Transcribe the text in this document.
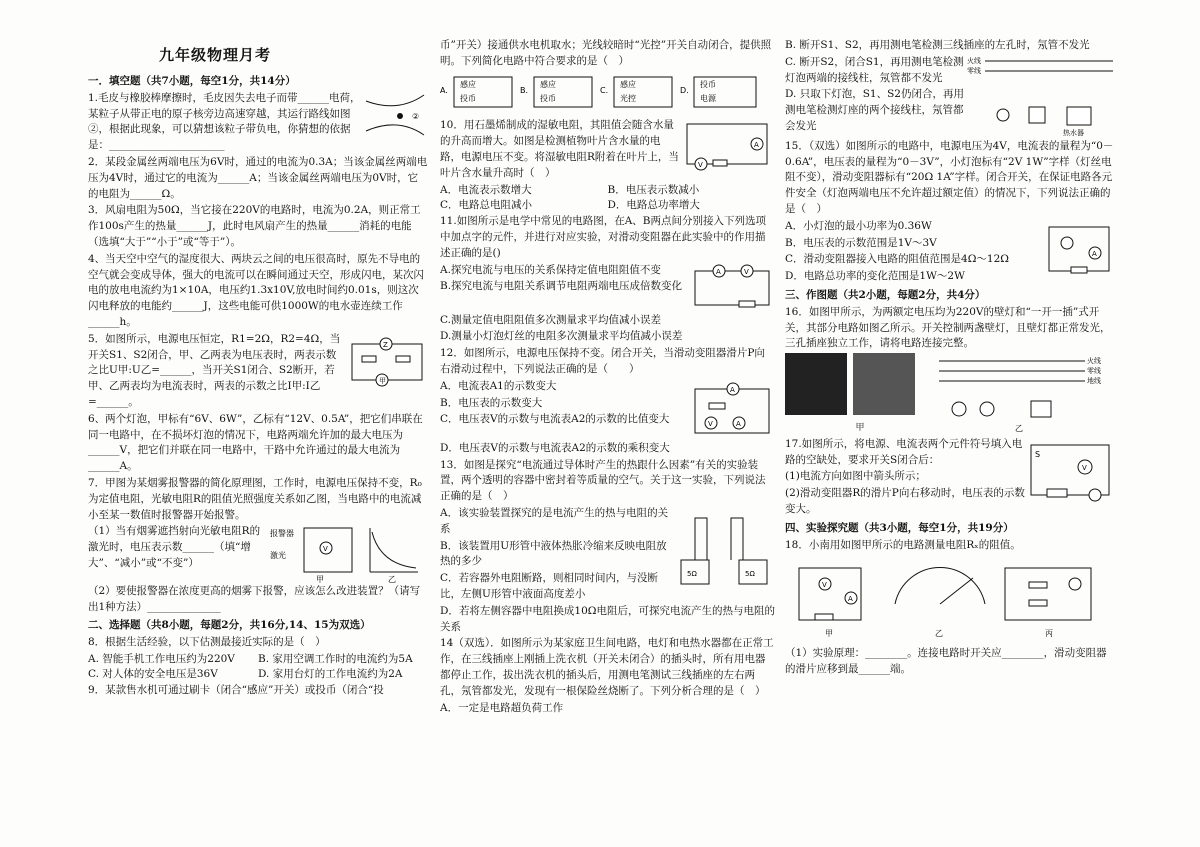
九年级物理月考
一．填空题（共7小题，每空1分，共14分）

1.毛皮与橡胶棒摩擦时，毛皮因失去电子而带______电荷，某粒子从带正电的原子核旁边高速穿越，其运行路线如图②，根据此现象，可以猜想该粒子带负电，你猜想的依据是：______________________

②

2．某段金属丝两端电压为6V时，通过的电流为0.3A；当该金属丝两端电压为4V时，通过它的电流为______A；当该金属丝两端电压为0V时，它的电阻为______Ω。

3．风扇电阻为50Ω，当它接在220V的电路时，电流为0.2A，则正常工作100s产生的热量______J，此时电风扇产生的热量______消耗的电能（选填“大于”“小于”或“等于”）。

4、当天空中空气的湿度很大、两块云之间的电压很高时，原先不导电的空气就会变成导体，强大的电流可以在瞬间通过天空，形成闪电，某次闪电的放电电流约为1×10A，电压约1.3x10V,放电时间约0.01s，则这次闪电释放的电能约______J，这些电能可供1000W的电水壶连续工作______h。

5．如图所示，电源电压恒定，R1=2Ω，R2=4Ω，当开关S1、S2闭合，甲、乙两表为电压表时，两表示数之比U甲:U乙=______，当开关S1闭合、S2断开，若甲、乙两表均为电流表时，两表的示数之比I甲:I乙=______。

Z
甲

6、两个灯泡，甲标有“6V、6W”，乙标有“12V、0.5A”，把它们串联在同一电路中，在不损坏灯泡的情况下，电路两端允许加的最大电压为______V，把它们并联在同一电路中，干路中允许通过的最大电流为______A。

7．甲图为某烟雾报警器的简化原理图，工作时，电源电压保持不变，R₀为定值电阻，光敏电阻R的阻值光照强度关系如乙图，当电路中的电流减小至某一数值时报警器开始报警。

（1）当有烟雾遮挡射向光敏电阻R的激光时，电压表示数______（填“增大”、“减小”或“不变”）

报警器
激光
V
甲	乙

（2）要使报警器在浓度更高的烟雾下报警，应该怎么改进装置？（请写出1种方法）______________

二、选择题（共8小题，每题2分，共16分,14、15为双选）

8．根据生活经验，以下估测最接近实际的是（　）

A. 智能手机工作电压约为220V	B. 家用空调工作时的电流约为5A
C. 对人体的安全电压是36V	D. 家用台灯的工作电流约为2A

9．某款售水机可通过刷卡（闭合“感应”开关）或投币（闭合“投

币”开关）接通供水电机取水；光线较暗时“光控”开关自动闭合，提供照明。下列简化电路中符合要求的是（　）

A.
感应
投币
B.
感应
投币
C.
感应
光控
D.
投币
电源

10．用石墨烯制成的湿敏电阻，其阻值会随含水量的升高而增大。如图是检测植物叶片含水量的电路，电源电压不变。将湿敏电阻R附着在叶片上，当叶片含水量升高时（　）

A
V
A．电流表示数增大	B．电压表示数减小
C．电路总电阻减小	D．电路总功率增大

11.如图所示是电学中常见的电路图，在A、B两点间分别接入下列选项中加点字的元件，并进行对应实验，对滑动变阻器在此实验中的作用描述正确的是()

A.探究电流与电压的关系保持定值电阻阻值不变

B.探究电流与电阻关系调节电阻两端电压成倍数变化

A	V

C.测量定值电阻阻值多次测量求平均值减小误差

D.测量小灯泡灯丝的电阻多次测量求平均值减小误差

12．如图所示，电源电压保持不变。闭合开关，当滑动变阻器滑片P向右滑动过程中，下列说法正确的是（　　）

A．电流表A1的示数变大

B．电压表的示数变大

C．电压表V的示数与电流表A2的示数的比值变大

A
V	A

D．电压表V的示数与电流表A2的示数的乘积变大

13．如图是探究“电流通过导体时产生的热跟什么因素”有关的实验装置，两个透明的容器中密封着等质量的空气。关于这一实验，下列说法正确的是（　）

A．该实验装置探究的是电流产生的热与电阻的关系

B．该装置用U形管中液体热胀冷缩来反映电阻放热的多少

C．若容器外电阻断路，则相同时间内，与没断比，左侧U形管中液面高度差小

5Ω	5Ω

D．若将左侧容器中电阻换成10Ω电阻后，可探究电流产生的热与电阻的关系

14（双选）．如图所示为某家庭卫生间电路，电灯和电热水器都在正常工作，在三线插座上刚插上洗衣机（开关未闭合）的插头时，所有用电器都停止工作，拔出洗衣机的插头后，用测电笔测试三线插座的左右两孔，氖管都发光，发现有一根保险丝烧断了。下列分析合理的是（　）

A．一定是电路超负荷工作

B. 断开S1、S2，再用测电笔检测三线插座的左孔时，氖管不发光

C. 断开S2，闭合S1，再用测电笔检测灯泡两端的接线柱，氖管都不发光

D. 只取下灯泡，S1、S2仍闭合，再用测电笔检测灯座的两个接线柱，氖管都会发光

火线
零线
热水器

15．（双选）如图所示的电路中，电源电压为4V，电流表的量程为“0－0.6A”，电压表的量程为“0－3V”，小灯泡标有“2V 1W”字样（灯丝电阻不变），滑动变阻器标有“20Ω 1A”字样。闭合开关，在保证电路各元件安全（灯泡两端电压不允许超过额定值）的情况下，下列说法正确的是（　）

A．小灯泡的最小功率为0.36W

B．电压表的示数范围是1V～3V

C．滑动变阻器接入电路的阻值范围是4Ω～12Ω

D．电路总功率的变化范围是1W～2W

A
三、作图题（共2小题，每题2分，共4分）

16．如图甲所示，为两额定电压均为220V的壁灯和“一开一插”式开关，其部分电路如图乙所示。开关控制两盏壁灯，且壁灯都正常发光，三孔插座独立工作，请将电路连接完整。

甲
火线
零线
地线
乙

17.如图所示，将电源、电流表两个元件符号填入电路的空缺处，要求开关S闭合后：

(1)电流方向如图中箭头所示；

(2)滑动变阻器R的滑片P向右移动时，电压表的示数变大。

S
V
四、实验探究题（共3小题，每空1分，共19分）

18．小南用如图甲所示的电路测量电阻Rₓ的阻值。

V
A
甲	乙	丙

（1）实验原理：________。连接电路时开关应________，滑动变阻器的滑片应移到最______端。
